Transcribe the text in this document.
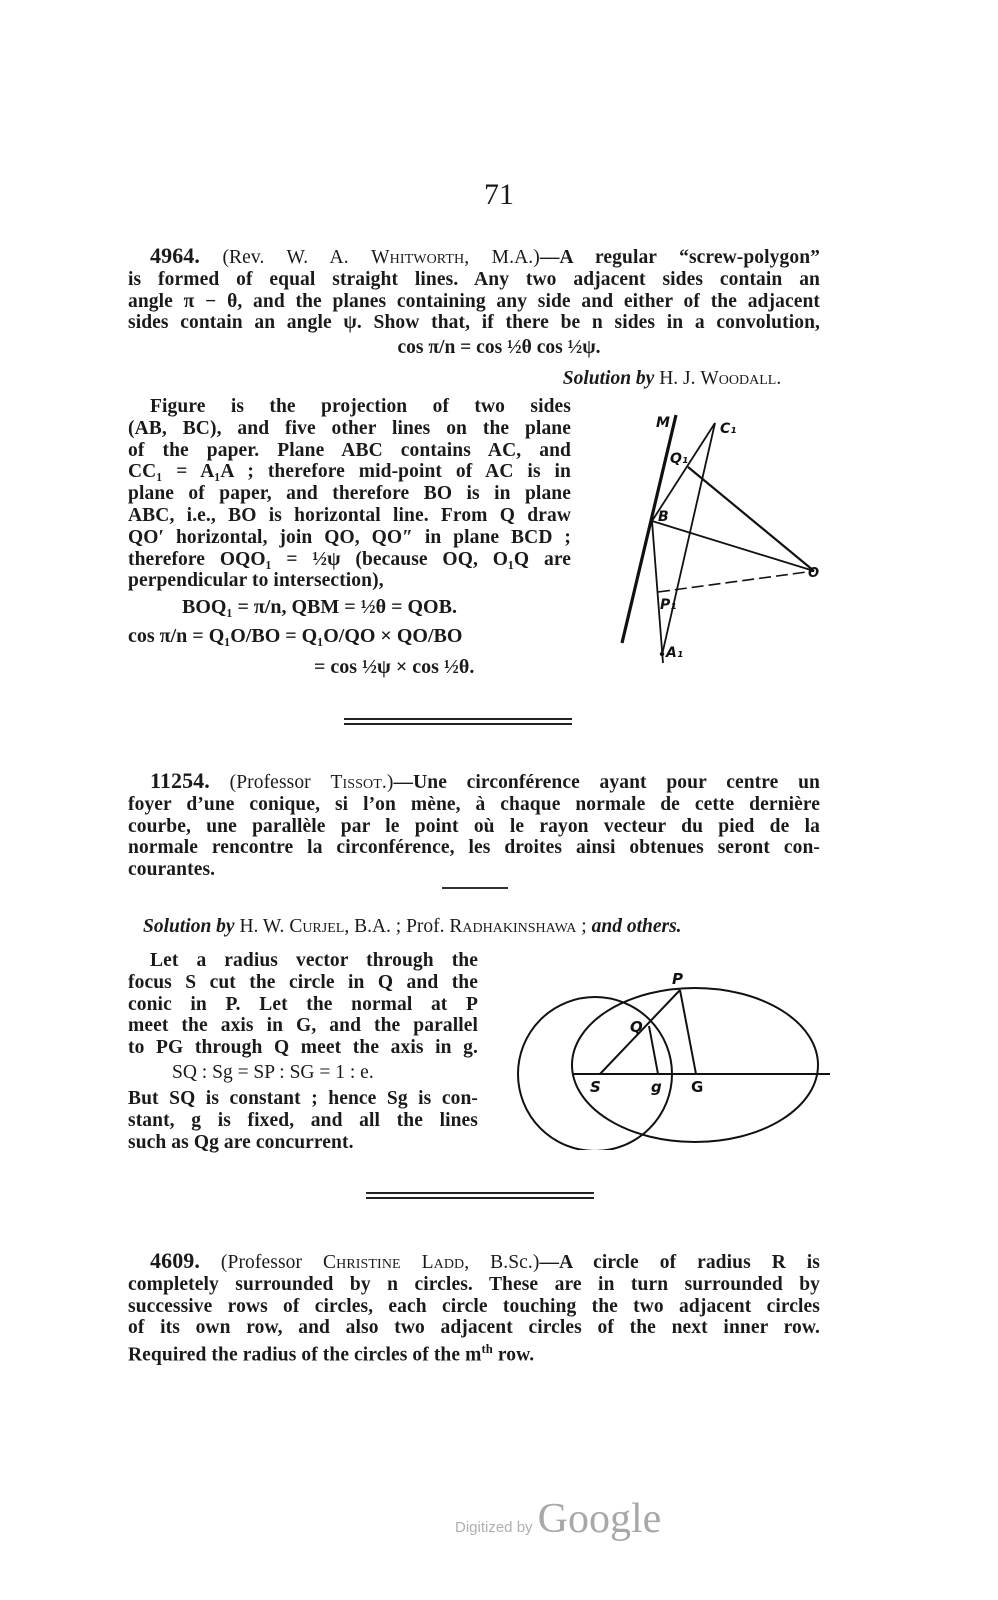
71
4964. (Rev. W. A. Whitworth, M.A.)—A regular “screw-polygon”
is formed of equal straight lines. Any two adjacent sides contain an
angle π − θ, and the planes containing any side and either of the adjacent
sides contain an angle ψ. Show that, if there be n sides in a convolution,
cos π/n = cos ½θ cos ½ψ.
Solution by H. J. Woodall.
Figure is the projection of two sides
(AB, BC), and five other lines on the plane
of the paper. Plane ABC contains AC, and
CC₁ = A₁A ; therefore mid-point of AC is in
plane of paper, and therefore BO is in plane
ABC, i.e., BO is horizontal line. From Q draw
QO′ horizontal, join QO, QO″ in plane BCD ;
therefore OQO₁ = ½ψ (because OQ, O₁Q are
perpendicular to intersection),
BOQ₁ = π/n, QBM = ½θ = QOB.
cos π/n = Q₁O/BO = Q₁O/QO × QO/BO
= cos ½ψ × cos ½θ.
M	C₁
Q₁
B
O
P₁
A₁
11254. (Professor Tissot.)—Une circonférence ayant pour centre un
foyer d’une conique, si l’on mène, à chaque normale de cette dernière
courbe, une parallèle par le point où le rayon vecteur du pied de la
normale rencontre la circonférence, les droites ainsi obtenues seront con-
courantes.
Solution by H. W. Curjel, B.A. ; Prof. Radhakinshawa ; and others.
Let a radius vector through the
focus S cut the circle in Q and the
conic in P. Let the normal at P
meet the axis in G, and the parallel
to PG through Q meet the axis in g.
SQ : Sg = SP : SG = 1 : e.
But SQ is constant ; hence Sg is con-
stant, g is fixed, and all the lines
such as Qg are concurrent.
P
Q
S	g G
4609. (Professor Christine Ladd, B.Sc.)—A circle of radius R is
completely surrounded by n circles. These are in turn surrounded by
successive rows of circles, each circle touching the two adjacent circles
of its own row, and also two adjacent circles of the next inner row.
Required the radius of the circles of the $m^{th}$ row.
Digitized by Google
